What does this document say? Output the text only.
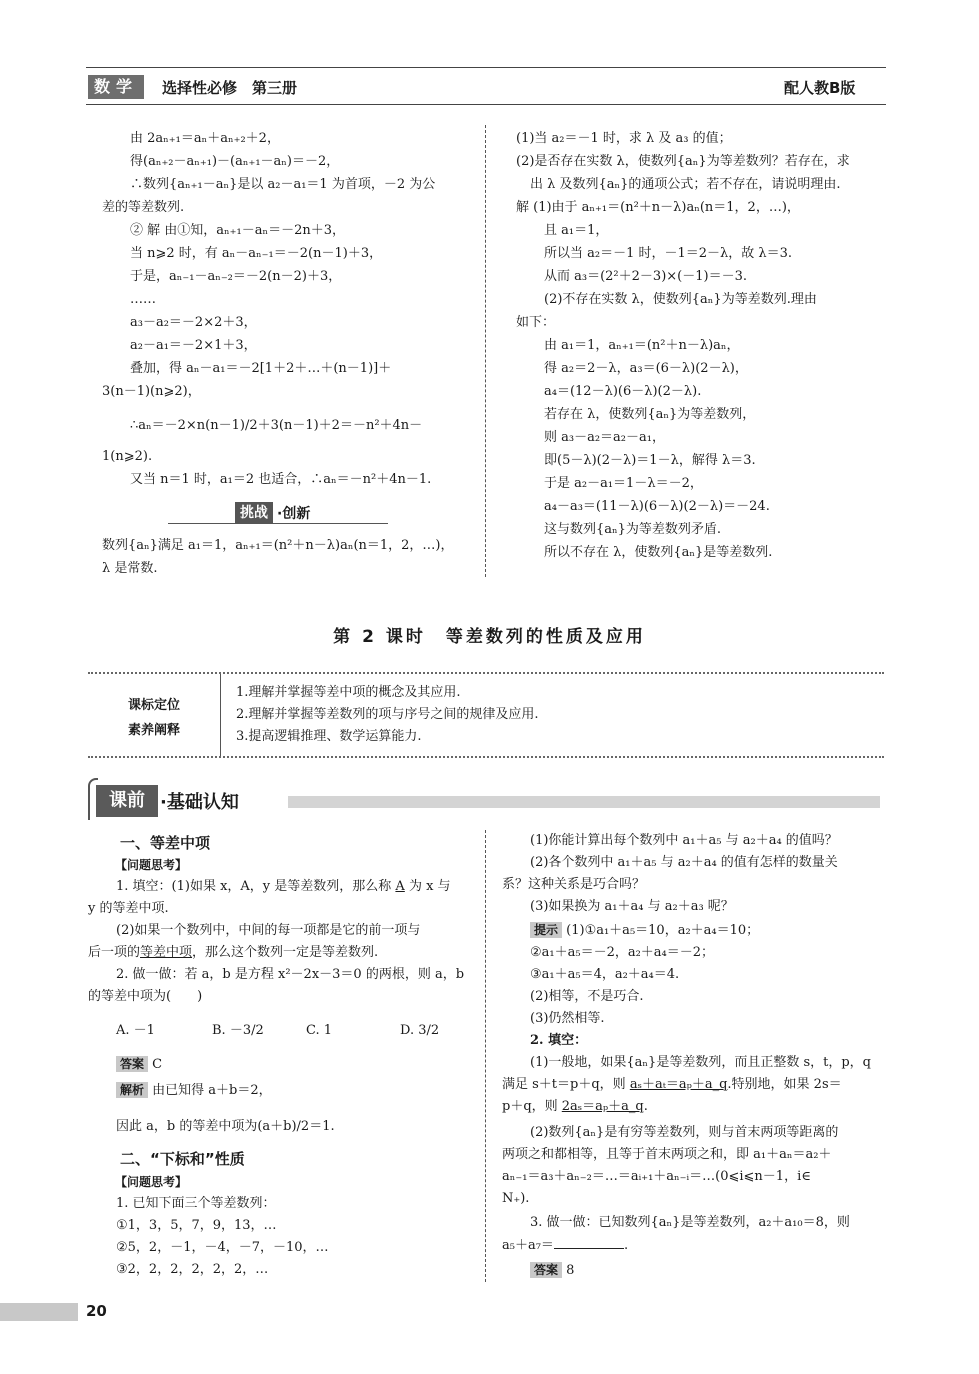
数学	选择性必修　第三册	配人教B版
由 2aₙ₊₁＝aₙ＋aₙ₊₂＋2，
得(aₙ₊₂－aₙ₊₁)－(aₙ₊₁－aₙ)＝－2，
∴数列{aₙ₊₁－aₙ}是以 a₂－a₁＝1 为首项，－2 为公
差的等差数列.
② 解 由①知，aₙ₊₁－aₙ＝－2n＋3，
当 n⩾2 时，有 aₙ－aₙ₋₁＝－2(n－1)＋3，
于是，aₙ₋₁－aₙ₋₂＝－2(n－2)＋3，
……
a₃－a₂＝－2×2＋3，
a₂－a₁＝－2×1＋3，
叠加，得 aₙ－a₁＝－2[1＋2＋…＋(n－1)]＋
3(n－1)(n⩾2)，
∴aₙ＝－2×n(n－1)/2＋3(n－1)＋2＝－n²＋4n－
1(n⩾2).
又当 n＝1 时，a₁＝2 也适合，∴aₙ＝－n²＋4n－1.
挑战 ·创新
数列{aₙ}满足 a₁＝1，aₙ₊₁＝(n²＋n－λ)aₙ(n＝1，2，…)，
λ 是常数.
(1)当 a₂＝－1 时，求 λ 及 a₃ 的值；
(2)是否存在实数 λ，使数列{aₙ}为等差数列？若存在，求
出 λ 及数列{aₙ}的通项公式；若不存在，请说明理由.
解 (1)由于 aₙ₊₁＝(n²＋n－λ)aₙ(n＝1，2，…)，
且 a₁＝1，
所以当 a₂＝－1 时，－1＝2－λ，故 λ＝3.
从而 a₃＝(2²＋2－3)×(－1)＝－3.
(2)不存在实数 λ，使数列{aₙ}为等差数列.理由
如下：
由 a₁＝1，aₙ₊₁＝(n²＋n－λ)aₙ，
得 a₂＝2－λ，a₃＝(6－λ)(2－λ)，
a₄＝(12－λ)(6－λ)(2－λ).
若存在 λ，使数列{aₙ}为等差数列，
则 a₃－a₂＝a₂－a₁，
即(5－λ)(2－λ)＝1－λ，解得 λ＝3.
于是 a₂－a₁＝1－λ＝－2，
a₄－a₃＝(11－λ)(6－λ)(2－λ)＝－24.
这与数列{aₙ}为等差数列矛盾.
所以不存在 λ，使数列{aₙ}是等差数列.
第 2 课时　等差数列的性质及应用
课标定位
素养阐释
1.理解并掌握等差中项的概念及其应用.
2.理解并掌握等差数列的项与序号之间的规律及应用.
3.提高逻辑推理、数学运算能力.
课前 ·基础认知
一、等差中项
【问题思考】
1. 填空：(1)如果 x，A，y 是等差数列，那么称 A 为 x 与
y 的等差中项.
(2)如果一个数列中，中间的每一项都是它的前一项与
后一项的等差中项，那么这个数列一定是等差数列.
2. 做一做：若 a，b 是方程 x²－2x－3＝0 的两根，则 a，b
的等差中项为(　　)
A. －1	B. －3/2	C. 1	D. 3/2
答案 C
解析 由已知得 a＋b＝2，
因此 a，b 的等差中项为(a＋b)/2＝1.
二、“下标和”性质
【问题思考】
1. 已知下面三个等差数列：
①1，3，5，7，9，13，…
②5，2，－1，－4，－7，－10，…
③2，2，2，2，2，2，…
(1)你能计算出每个数列中 a₁＋a₅ 与 a₂＋a₄ 的值吗？
(2)各个数列中 a₁＋a₅ 与 a₂＋a₄ 的值有怎样的数量关
系？这种关系是巧合吗？
(3)如果换为 a₁＋a₄ 与 a₂＋a₃ 呢？
提示 (1)①a₁＋a₅＝10，a₂＋a₄＝10；
②a₁＋a₅＝－2，a₂＋a₄＝－2；
③a₁＋a₅＝4，a₂＋a₄＝4.
(2)相等，不是巧合.
(3)仍然相等.
2. 填空：
(1)一般地，如果{aₙ}是等差数列，而且正整数 s，t，p，q
满足 s＋t＝p＋q，则 aₛ＋aₜ＝aₚ＋a_q.特别地，如果 2s＝
p＋q，则 2aₛ＝aₚ＋a_q.
(2)数列{aₙ}是有穷等差数列，则与首末两项等距离的
两项之和都相等，且等于首末两项之和，即 a₁＋aₙ＝a₂＋
aₙ₋₁＝a₃＋aₙ₋₂＝…＝aᵢ₊₁＋aₙ₋ᵢ＝…(0⩽i⩽n－1，i∈
N₊).
3. 做一做：已知数列{aₙ}是等差数列，a₂＋a₁₀＝8，则
a₅＋a₇＝	.
答案 8
20
